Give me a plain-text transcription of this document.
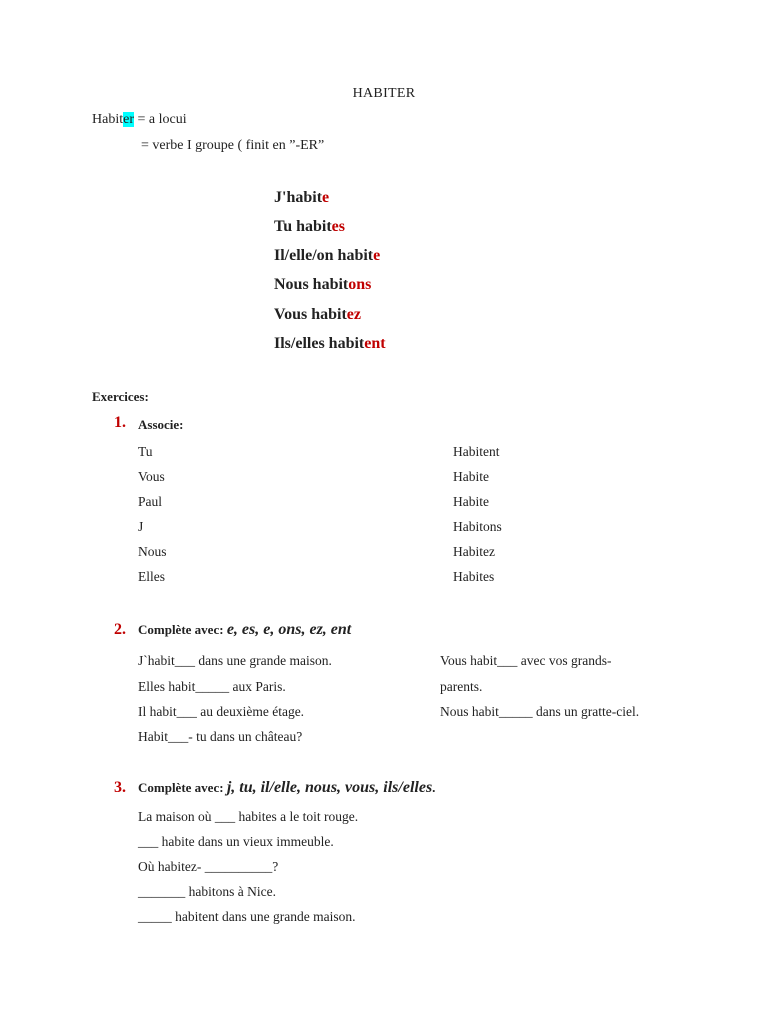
HABITER
Habiter = a locui
= verbe I groupe ( finit en ”-ER”
J'habite
Tu habites
Il/elle/on habite
Nous habitons
Vous habitez
Ils/elles habitent
Exercices:
1. Associe:
Tu
Vous
Paul
J
Nous
Elles
Habitent
Habite
Habite
Habitons
Habitez
Habites
2. Complète avec: e, es, e, ons, ez, ent
J`habit___ dans une grande maison.
Elles habit_____ aux Paris.
Il habit___ au deuxième étage.
Habit___- tu dans un château?
Vous habit___ avec vos grands-
parents.
Nous habit_____ dans un gratte-ciel.
3. Complète avec: j, tu, il/elle, nous, vous, ils/elles.
La maison où ___ habites a le toit rouge.
___ habite dans un vieux immeuble.
Où habitez- __________?
_______ habitons à Nice.
_____ habitent dans une grande maison.
